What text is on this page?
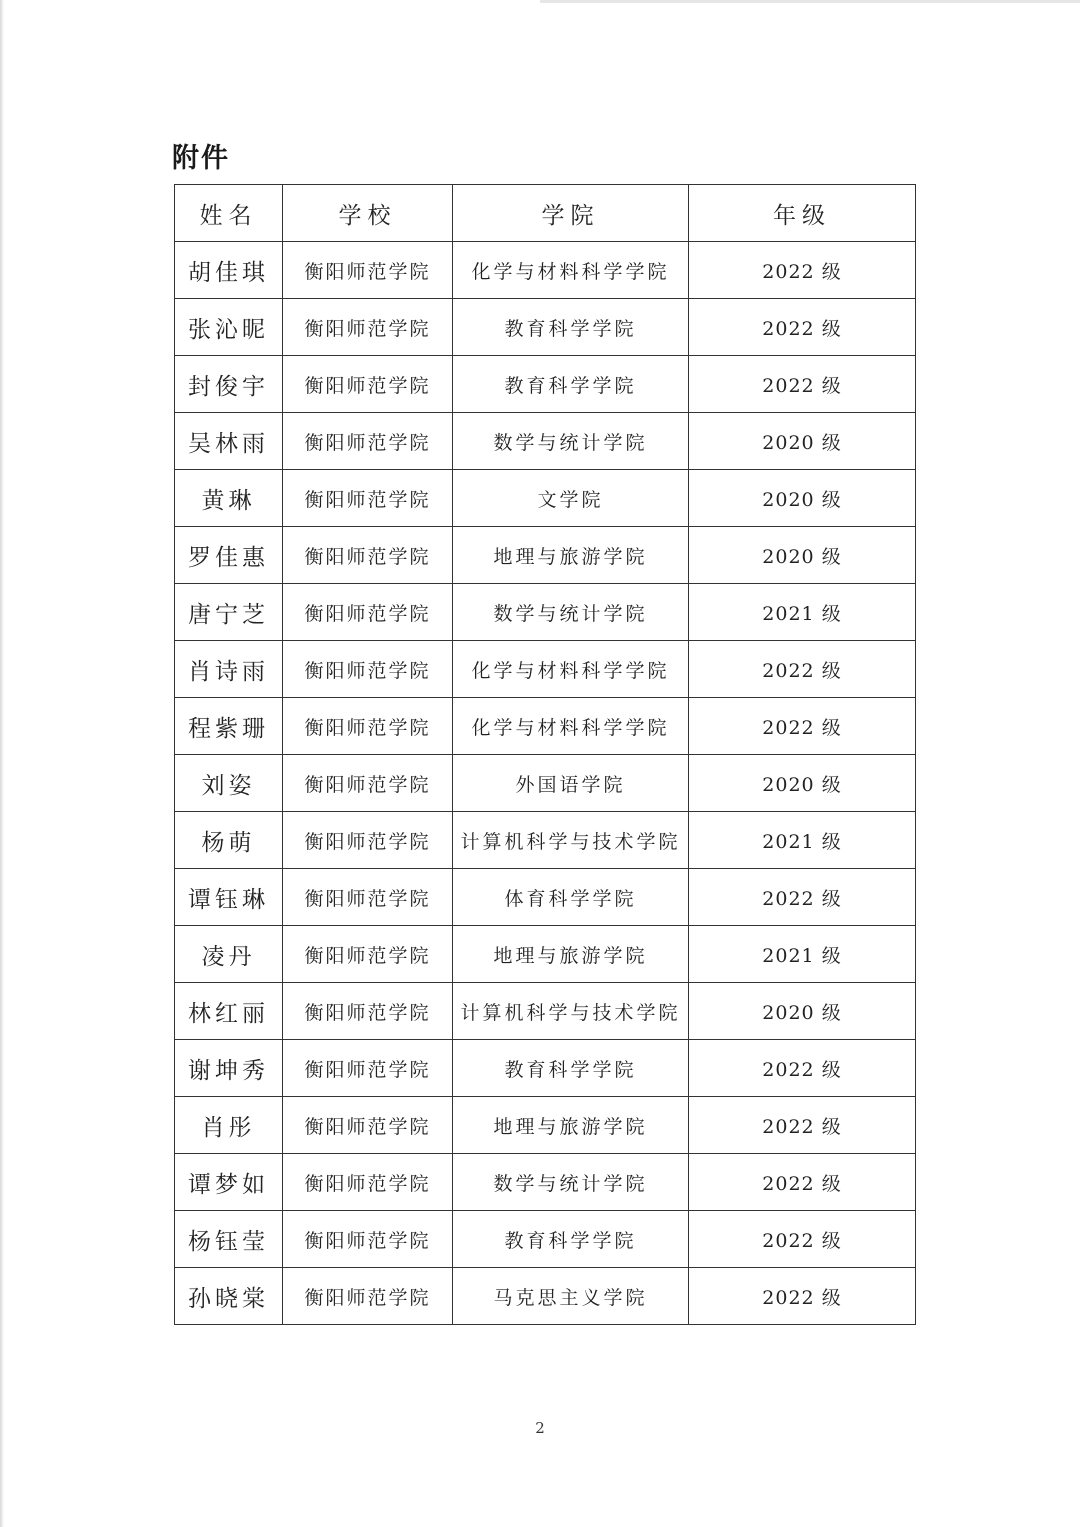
附件
姓名	学校	学院	年级
胡佳琪	衡阳师范学院	化学与材料科学学院	2022 级
张沁昵	衡阳师范学院	教育科学学院	2022 级
封俊宇	衡阳师范学院	教育科学学院	2022 级
吴林雨	衡阳师范学院	数学与统计学院	2020 级
黄琳	衡阳师范学院	文学院	2020 级
罗佳惠	衡阳师范学院	地理与旅游学院	2020 级
唐宁芝	衡阳师范学院	数学与统计学院	2021 级
肖诗雨	衡阳师范学院	化学与材料科学学院	2022 级
程紫珊	衡阳师范学院	化学与材料科学学院	2022 级
刘姿	衡阳师范学院	外国语学院	2020 级
杨萌	衡阳师范学院	计算机科学与技术学院	2021 级
谭钰琳	衡阳师范学院	体育科学学院	2022 级
凌丹	衡阳师范学院	地理与旅游学院	2021 级
林红丽	衡阳师范学院	计算机科学与技术学院	2020 级
谢坤秀	衡阳师范学院	教育科学学院	2022 级
肖彤	衡阳师范学院	地理与旅游学院	2022 级
谭梦如	衡阳师范学院	数学与统计学院	2022 级
杨钰莹	衡阳师范学院	教育科学学院	2022 级
孙晓棠	衡阳师范学院	马克思主义学院	2022 级
2
